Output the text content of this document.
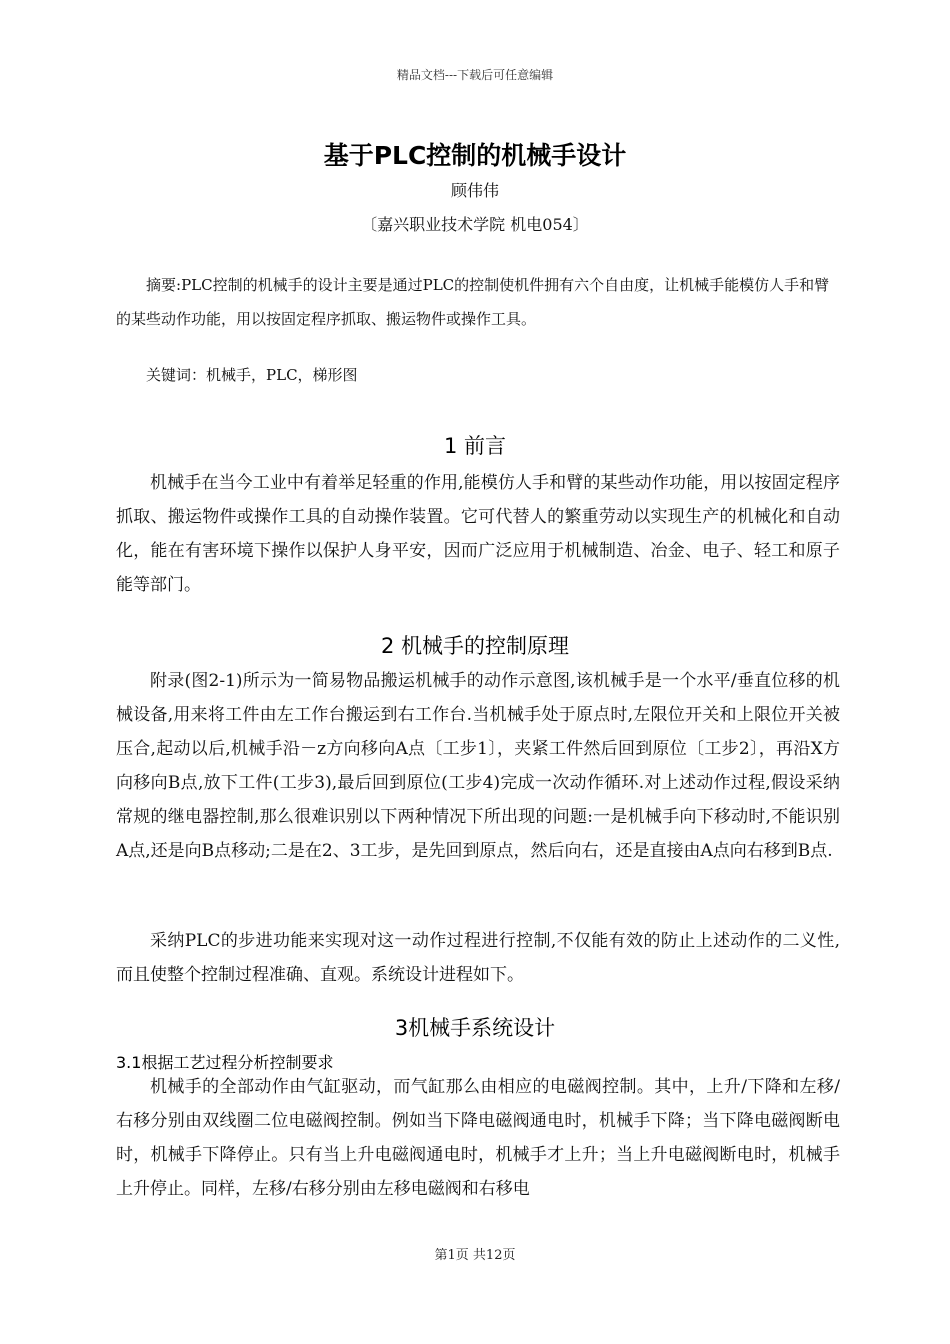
精品文档---下载后可任意编辑
基于PLC控制的机械手设计
顾伟伟
〔嘉兴职业技术学院 机电054〕
摘要:PLC控制的机械手的设计主要是通过PLC的控制使机件拥有六个自由度，让机械手能模仿人手和臂的某些动作功能，用以按固定程序抓取、搬运物件或操作工具。
关键词：机械手，PLC，梯形图
1 前言
机械手在当今工业中有着举足轻重的作用,能模仿人手和臂的某些动作功能，用以按固定程序抓取、搬运物件或操作工具的自动操作装置。它可代替人的繁重劳动以实现生产的机械化和自动化，能在有害环境下操作以保护人身平安，因而广泛应用于机械制造、冶金、电子、轻工和原子能等部门。
2 机械手的控制原理
附录(图2-1)所示为一简易物品搬运机械手的动作示意图,该机械手是一个水平/垂直位移的机械设备,用来将工件由左工作台搬运到右工作台.当机械手处于原点时,左限位开关和上限位开关被压合,起动以后,机械手沿－z方向移向A点〔工步1〕，夹紧工件然后回到原位〔工步2〕，再沿X方向移向B点,放下工件(工步3),最后回到原位(工步4)完成一次动作循环.对上述动作过程,假设采纳常规的继电器控制,那么很难识别以下两种情况下所出现的问题:一是机械手向下移动时,不能识别A点,还是向B点移动;二是在2、3工步，是先回到原点，然后向右，还是直接由A点向右移到B点.
采纳PLC的步进功能来实现对这一动作过程进行控制,不仅能有效的防止上述动作的二义性,而且使整个控制过程准确、直观。系统设计进程如下。
3机械手系统设计
3.1根据工艺过程分析控制要求
机械手的全部动作由气缸驱动，而气缸那么由相应的电磁阀控制。其中，上升/下降和左移/右移分别由双线圈二位电磁阀控制。例如当下降电磁阀通电时，机械手下降；当下降电磁阀断电时，机械手下降停止。只有当上升电磁阀通电时，机械手才上升；当上升电磁阀断电时，机械手上升停止。同样，左移/右移分别由左移电磁阀和右移电
第1页 共12页
